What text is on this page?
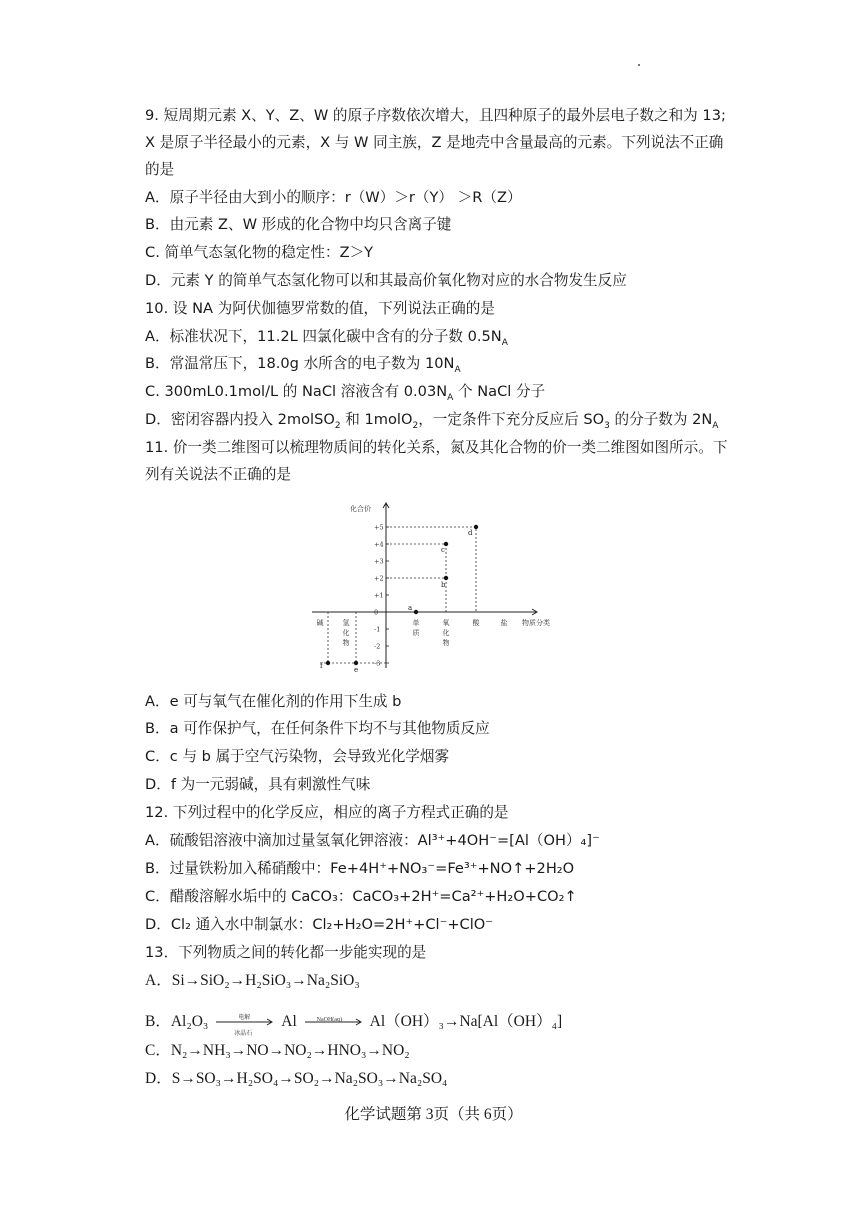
9. 短周期元素 X、Y、Z、W 的原子序数依次增大，且四种原子的最外层电子数之和为 13;
X 是原子半径最小的元素，X 与 W 同主族，Z 是地壳中含量最高的元素。下列说法不正确
的是
A．原子半径由大到小的顺序：r（W）＞r（Y） ＞R（Z）
B．由元素 Z、W 形成的化合物中均只含离子键
C. 简单气态氢化物的稳定性：Z＞Y
D．元素 Y 的简单气态氢化物可以和其最高价氧化物对应的水合物发生反应
10. 设 NA 为阿伏伽德罗常数的值，下列说法正确的是
A．标准状况下，11.2L 四氯化碳中含有的分子数 $0.5N_A$
B．常温常压下，18.0g 水所含的电子数为 $10N_A$
C. 300mL0.1mol/L 的 NaCl 溶液含有 $0.03N_A$ 个 NaCl 分子
D．密闭容器内投入 2molSO$_2$ 和 1molO$_2$，一定条件下充分反应后 $SO_3$ 的分子数为 $2N_A$
11. 价一类二维图可以梳理物质间的转化关系，氮及其化合物的价一类二维图如图所示。下
列有关说法不正确的是
化合价
物质分类
+5
+4
+3
+2
+1
0
-1
-2
-3
碱	氢
化
物
单
质
氧
化
物
酸	盐
a
b
c
d
e
f
A．e 可与氧气在催化剂的作用下生成 b
B．a 可作保护气，在任何条件下均不与其他物质反应
C．c 与 b 属于空气污染物，会导致光化学烟雾
D．f 为一元弱碱，具有刺激性气味
12. 下列过程中的化学反应，相应的离子方程式正确的是
A．硫酸铝溶液中滴加过量氢氧化钾溶液：Al³⁺+4OH⁻=[Al（OH）₄]⁻
B．过量铁粉加入稀硝酸中：Fe+4H⁺+NO₃⁻=Fe³⁺+NO↑+2H₂O
C．醋酸溶解水垢中的 CaCO₃：CaCO₃+2H⁺=Ca²⁺+H₂O+CO₂↑
D．Cl₂ 通入水中制氯水：Cl₂+H₂O=2H⁺+Cl⁻+ClO⁻
13．下列物质之间的转化都一步能实现的是
A．Si→SiO₂→H₂SiO₃→Na₂SiO₃
B．Al₂O₃	电解
冰晶石
Al	NaOH(aq) Al（OH）₃→Na[Al（OH）₄]
C．N₂→NH₃→NO→NO₂→HNO₃→NO₂
D．S→SO₃→H₂SO₄→SO₂→Na₂SO₃→Na₂SO₄
化学试题第 3页（共 6页）
